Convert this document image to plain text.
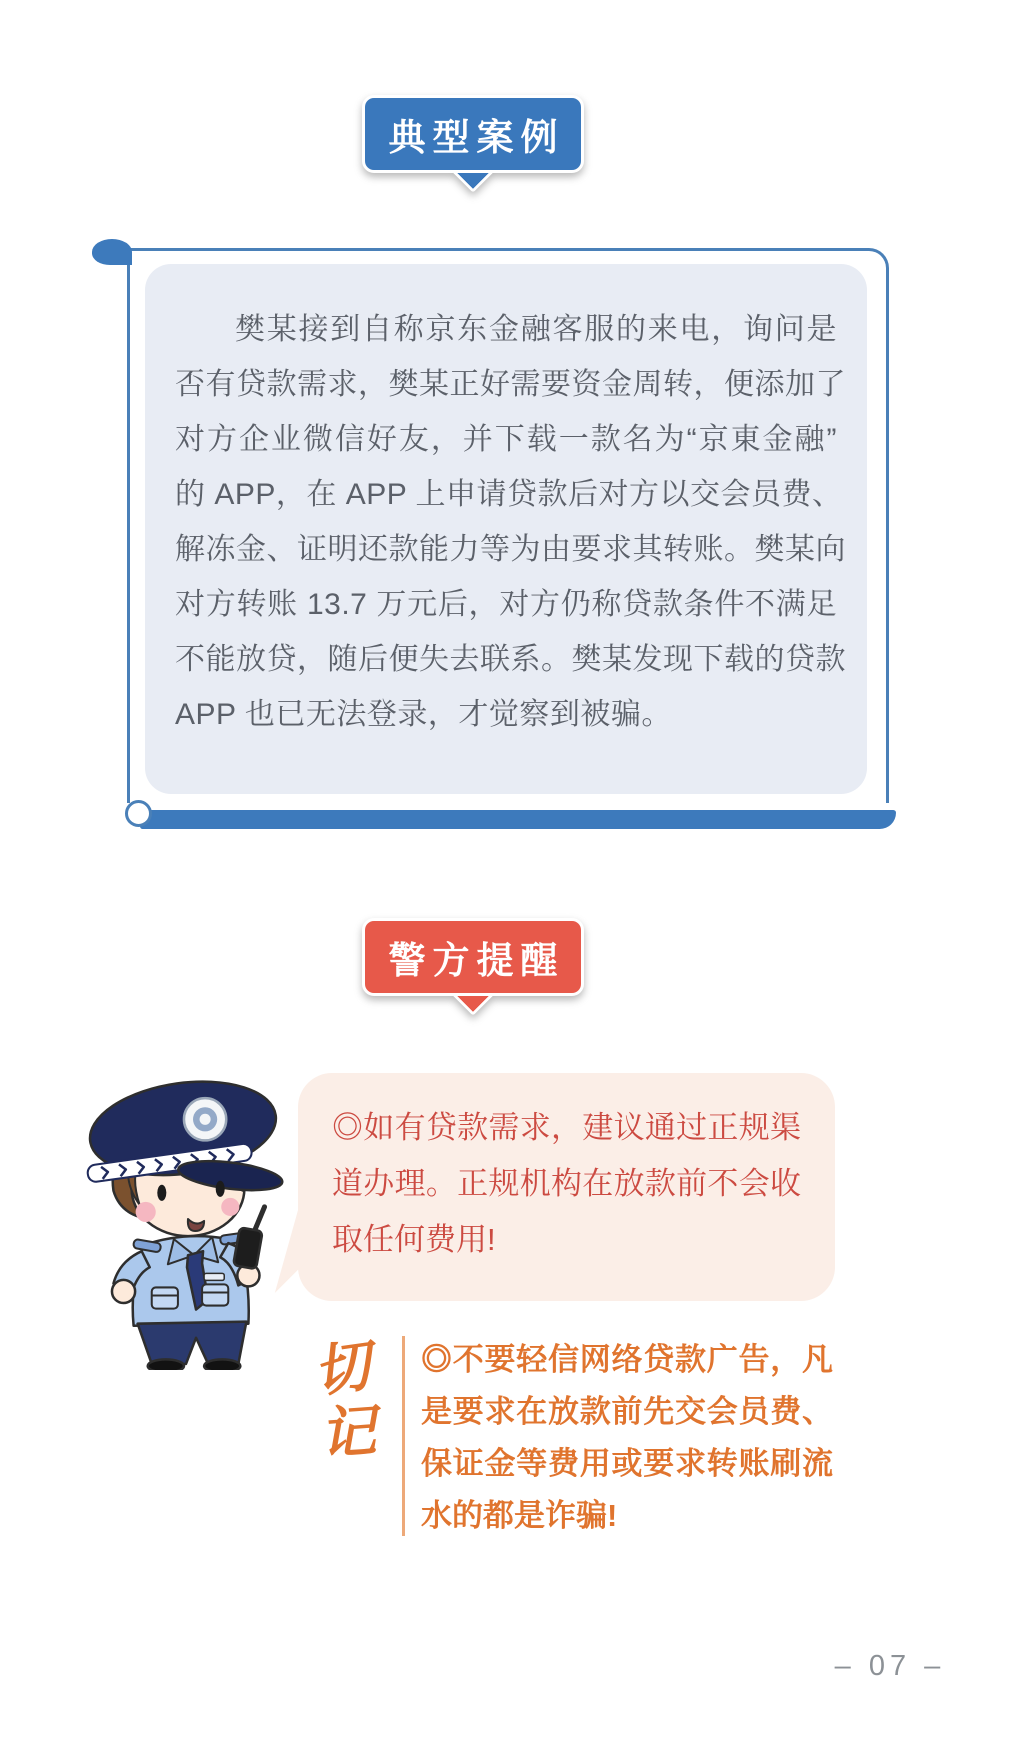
典型案例
樊某接到自称京东金融客服的来电，询问是
否有贷款需求，樊某正好需要资金周转，便添加了
对方企业微信好友，并下载一款名为“京東金融”
的 APP，在 APP 上申请贷款后对方以交会员费、
解冻金、证明还款能力等为由要求其转账。樊某向
对方转账 13.7 万元后，对方仍称贷款条件不满足
不能放贷，随后便失去联系。樊某发现下载的贷款
APP 也已无法登录，才觉察到被骗。
警方提醒
◎如有贷款需求，建议通过正规渠
道办理。正规机构在放款前不会收
取任何费用!
切
记
◎不要轻信网络贷款广告，凡
是要求在放款前先交会员费、
保证金等费用或要求转账刷流
水的都是诈骗!
– 07 –
